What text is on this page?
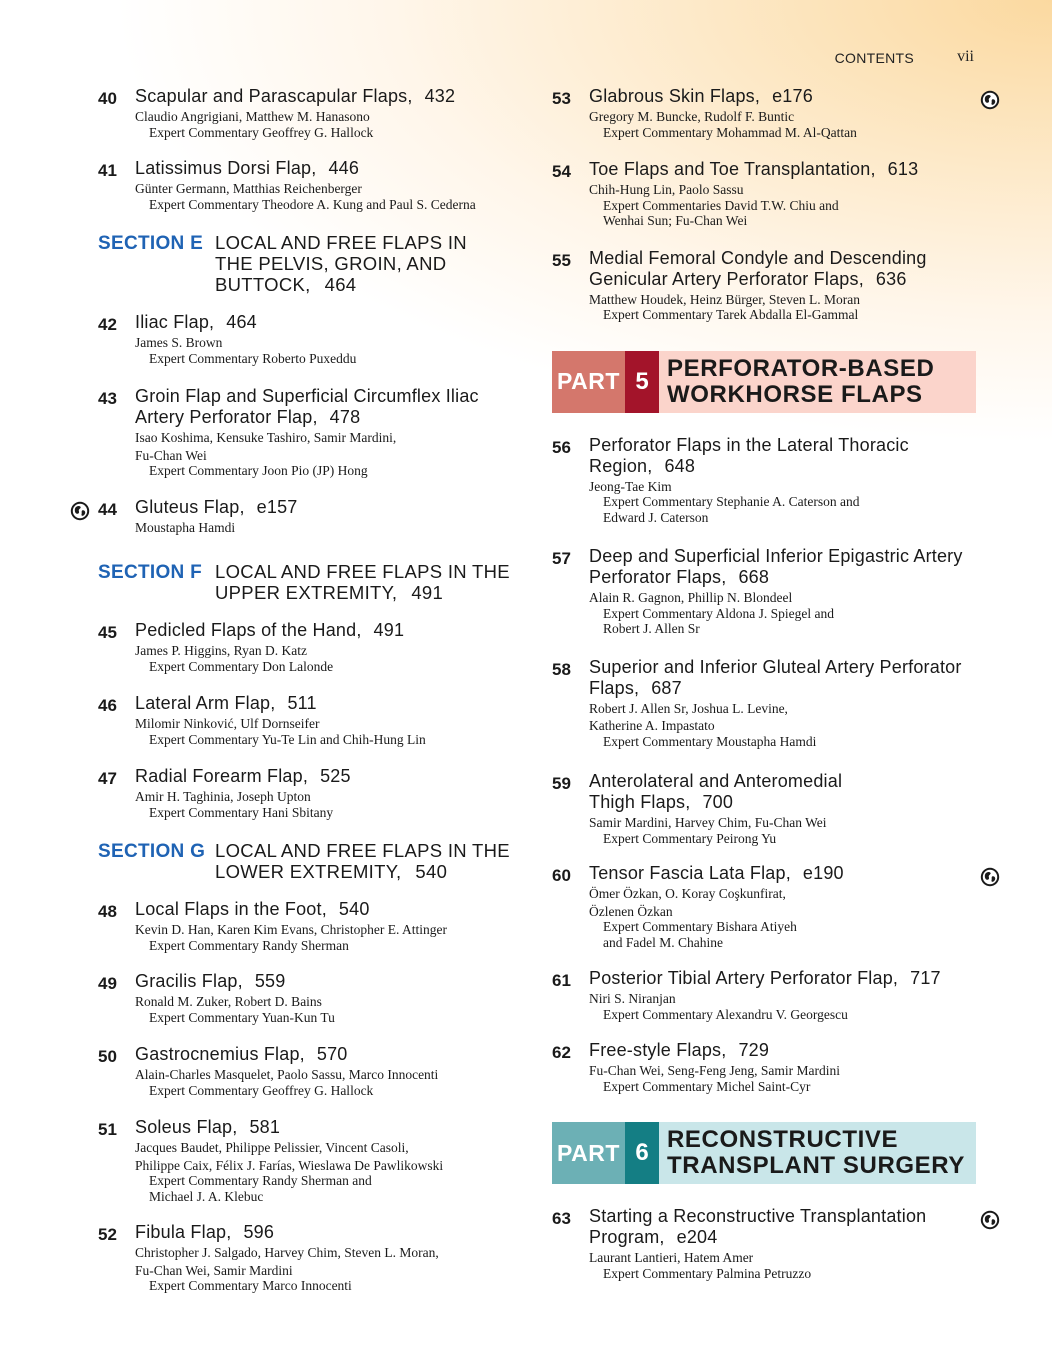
CONTENTS	vii
40 Scapular and Parascapular Flaps, 432
Claudio Angrigiani, Matthew M. Hanasono
Expert Commentary Geoffrey G. Hallock
41 Latissimus Dorsi Flap, 446
Günter Germann, Matthias Reichenberger
Expert Commentary Theodore A. Kung and Paul S. Cederna
SECTION E LOCAL AND FREE FLAPS IN
THE PELVIS, GROIN, AND
BUTTOCK, 464
42 Iliac Flap, 464
James S. Brown
Expert Commentary Roberto Puxeddu
43 Groin Flap and Superficial Circumflex Iliac
Artery Perforator Flap, 478
Isao Koshima, Kensuke Tashiro, Samir Mardini,
Fu-Chan Wei
Expert Commentary Joon Pio (JP) Hong
44 Gluteus Flap, e157
Moustapha Hamdi
SECTION F LOCAL AND FREE FLAPS IN THE
UPPER EXTREMITY, 491
45 Pedicled Flaps of the Hand, 491
James P. Higgins, Ryan D. Katz
Expert Commentary Don Lalonde
46 Lateral Arm Flap, 511
Milomir Ninković, Ulf Dornseifer
Expert Commentary Yu-Te Lin and Chih-Hung Lin
47 Radial Forearm Flap, 525
Amir H. Taghinia, Joseph Upton
Expert Commentary Hani Sbitany
SECTION G LOCAL AND FREE FLAPS IN THE
LOWER EXTREMITY, 540
48 Local Flaps in the Foot, 540
Kevin D. Han, Karen Kim Evans, Christopher E. Attinger
Expert Commentary Randy Sherman
49 Gracilis Flap, 559
Ronald M. Zuker, Robert D. Bains
Expert Commentary Yuan-Kun Tu
50 Gastrocnemius Flap, 570
Alain-Charles Masquelet, Paolo Sassu, Marco Innocenti
Expert Commentary Geoffrey G. Hallock
51 Soleus Flap, 581
Jacques Baudet, Philippe Pelissier, Vincent Casoli,
Philippe Caix, Félix J. Farías, Wieslawa De Pawlikowski
Expert Commentary Randy Sherman and
Michael J. A. Klebuc
52 Fibula Flap, 596
Christopher J. Salgado, Harvey Chim, Steven L. Moran,
Fu-Chan Wei, Samir Mardini
Expert Commentary Marco Innocenti
53 Glabrous Skin Flaps, e176
Gregory M. Buncke, Rudolf F. Buntic
Expert Commentary Mohammad M. Al-Qattan
54 Toe Flaps and Toe Transplantation, 613
Chih-Hung Lin, Paolo Sassu
Expert Commentaries David T.W. Chiu and
Wenhai Sun; Fu-Chan Wei
55 Medial Femoral Condyle and Descending
Genicular Artery Perforator Flaps, 636
Matthew Houdek, Heinz Bürger, Steven L. Moran
Expert Commentary Tarek Abdalla El-Gammal
PART 5 PERFORATOR-BASED
WORKHORSE FLAPS
56 Perforator Flaps in the Lateral Thoracic
Region, 648
Jeong-Tae Kim
Expert Commentary Stephanie A. Caterson and
Edward J. Caterson
57 Deep and Superficial Inferior Epigastric Artery
Perforator Flaps, 668
Alain R. Gagnon, Phillip N. Blondeel
Expert Commentary Aldona J. Spiegel and
Robert J. Allen Sr
58 Superior and Inferior Gluteal Artery Perforator
Flaps, 687
Robert J. Allen Sr, Joshua L. Levine,
Katherine A. Impastato
Expert Commentary Moustapha Hamdi
59 Anterolateral and Anteromedial
Thigh Flaps, 700
Samir Mardini, Harvey Chim, Fu-Chan Wei
Expert Commentary Peirong Yu
60 Tensor Fascia Lata Flap, e190
Ömer Özkan, O. Koray Coşkunfirat,
Özlenen Özkan
Expert Commentary Bishara Atiyeh
and Fadel M. Chahine
61 Posterior Tibial Artery Perforator Flap, 717
Niri S. Niranjan
Expert Commentary Alexandru V. Georgescu
62 Free-style Flaps, 729
Fu-Chan Wei, Seng-Feng Jeng, Samir Mardini
Expert Commentary Michel Saint-Cyr
PART 6 RECONSTRUCTIVE
TRANSPLANT SURGERY
63 Starting a Reconstructive Transplantation
Program, e204
Laurant Lantieri, Hatem Amer
Expert Commentary Palmina Petruzzo
